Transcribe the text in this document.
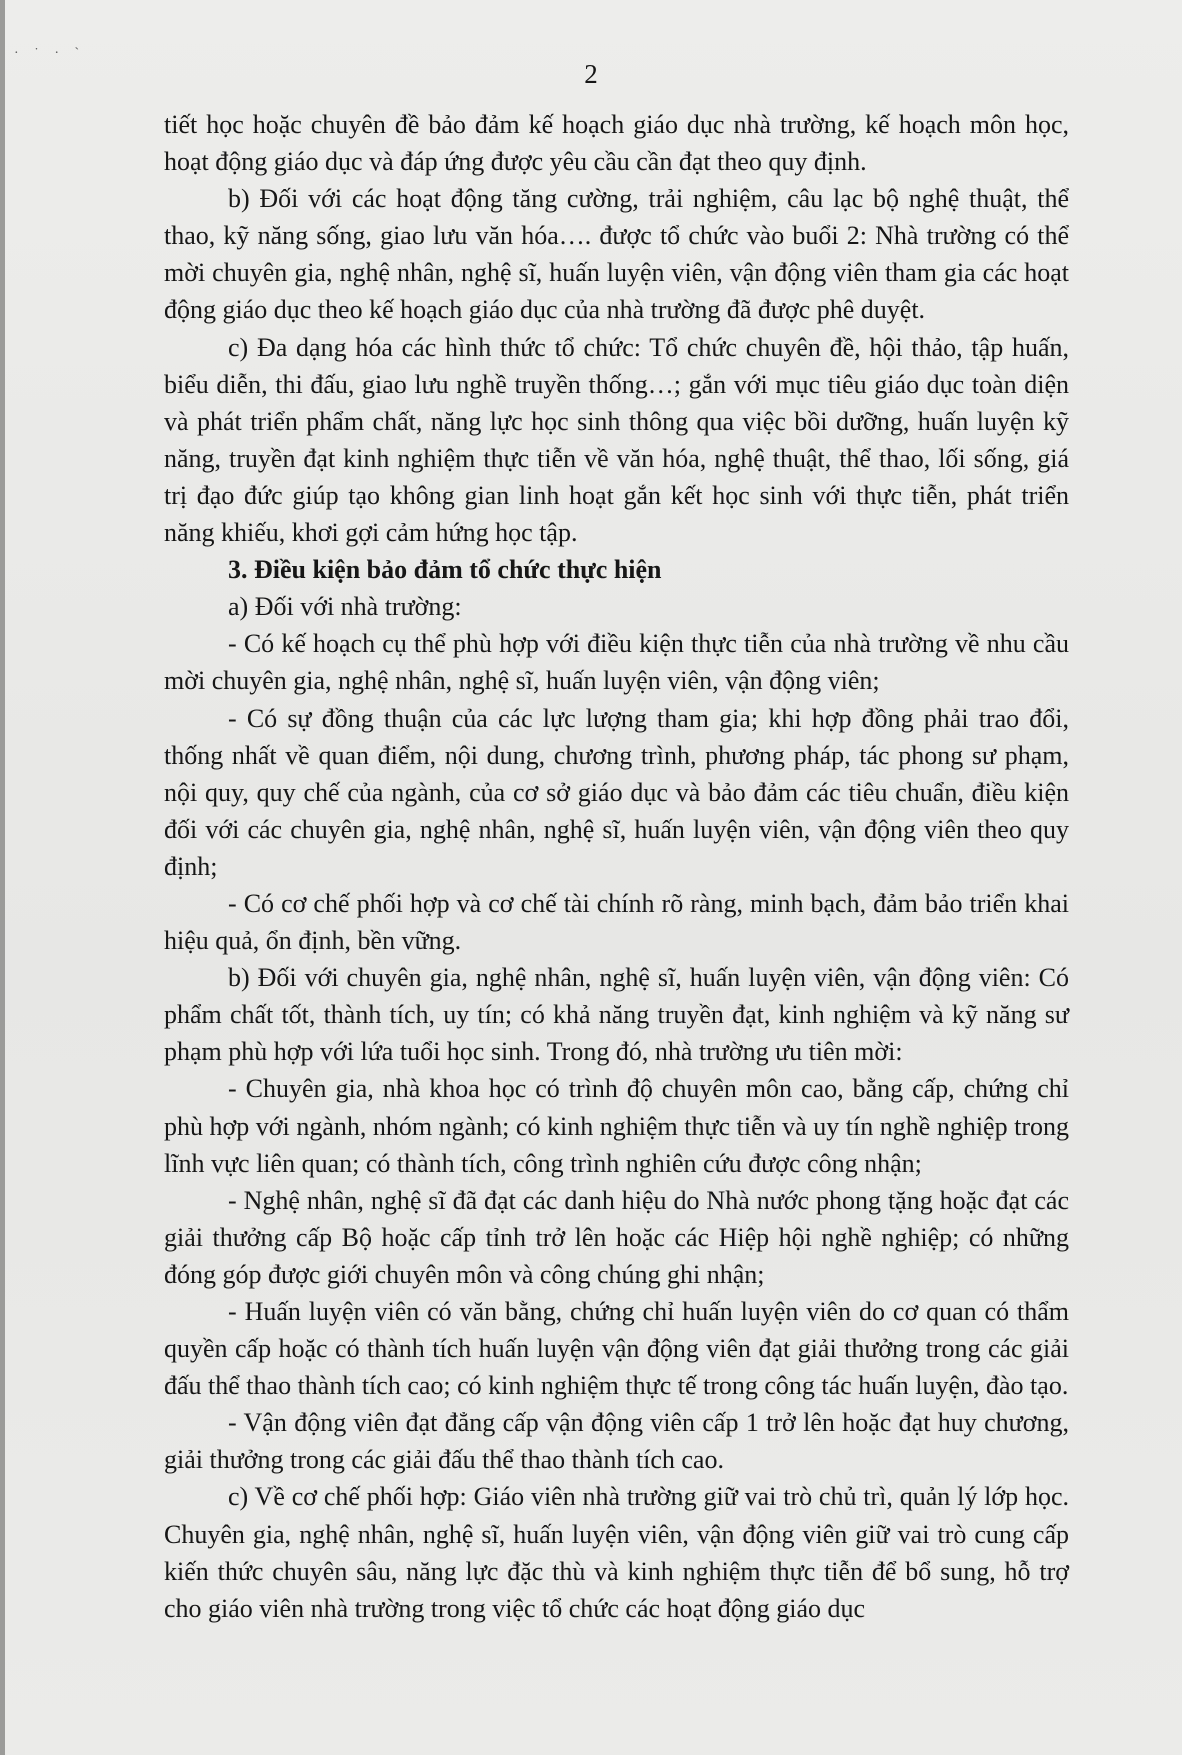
· ˙ · ˋ
2

tiết học hoặc chuyên đề bảo đảm kế hoạch giáo dục nhà trường, kế hoạch môn học, hoạt động giáo dục và đáp ứng được yêu cầu cần đạt theo quy định.

b) Đối với các hoạt động tăng cường, trải nghiệm, câu lạc bộ nghệ thuật, thể thao, kỹ năng sống, giao lưu văn hóa…. được tổ chức vào buổi 2: Nhà trường có thể mời chuyên gia, nghệ nhân, nghệ sĩ, huấn luyện viên, vận động viên tham gia các hoạt động giáo dục theo kế hoạch giáo dục của nhà trường đã được phê duyệt.

c) Đa dạng hóa các hình thức tổ chức: Tổ chức chuyên đề, hội thảo, tập huấn, biểu diễn, thi đấu, giao lưu nghề truyền thống…; gắn với mục tiêu giáo dục toàn diện và phát triển phẩm chất, năng lực học sinh thông qua việc bồi dưỡng, huấn luyện kỹ năng, truyền đạt kinh nghiệm thực tiễn về văn hóa, nghệ thuật, thể thao, lối sống, giá trị đạo đức giúp tạo không gian linh hoạt gắn kết học sinh với thực tiễn, phát triển năng khiếu, khơi gợi cảm hứng học tập.

3. Điều kiện bảo đảm tổ chức thực hiện

a) Đối với nhà trường:

- Có kế hoạch cụ thể phù hợp với điều kiện thực tiễn của nhà trường về nhu cầu mời chuyên gia, nghệ nhân, nghệ sĩ, huấn luyện viên, vận động viên;

- Có sự đồng thuận của các lực lượng tham gia; khi hợp đồng phải trao đổi, thống nhất về quan điểm, nội dung, chương trình, phương pháp, tác phong sư phạm, nội quy, quy chế của ngành, của cơ sở giáo dục và bảo đảm các tiêu chuẩn, điều kiện đối với các chuyên gia, nghệ nhân, nghệ sĩ, huấn luyện viên, vận động viên theo quy định;

- Có cơ chế phối hợp và cơ chế tài chính rõ ràng, minh bạch, đảm bảo triển khai hiệu quả, ổn định, bền vững.

b) Đối với chuyên gia, nghệ nhân, nghệ sĩ, huấn luyện viên, vận động viên: Có phẩm chất tốt, thành tích, uy tín; có khả năng truyền đạt, kinh nghiệm và kỹ năng sư phạm phù hợp với lứa tuổi học sinh. Trong đó, nhà trường ưu tiên mời:

- Chuyên gia, nhà khoa học có trình độ chuyên môn cao, bằng cấp, chứng chỉ phù hợp với ngành, nhóm ngành; có kinh nghiệm thực tiễn và uy tín nghề nghiệp trong lĩnh vực liên quan; có thành tích, công trình nghiên cứu được công nhận;

- Nghệ nhân, nghệ sĩ đã đạt các danh hiệu do Nhà nước phong tặng hoặc đạt các giải thưởng cấp Bộ hoặc cấp tỉnh trở lên hoặc các Hiệp hội nghề nghiệp; có những đóng góp được giới chuyên môn và công chúng ghi nhận;

- Huấn luyện viên có văn bằng, chứng chỉ huấn luyện viên do cơ quan có thẩm quyền cấp hoặc có thành tích huấn luyện vận động viên đạt giải thưởng trong các giải đấu thể thao thành tích cao; có kinh nghiệm thực tế trong công tác huấn luyện, đào tạo.

- Vận động viên đạt đẳng cấp vận động viên cấp 1 trở lên hoặc đạt huy chương, giải thưởng trong các giải đấu thể thao thành tích cao.

c) Về cơ chế phối hợp: Giáo viên nhà trường giữ vai trò chủ trì, quản lý lớp học. Chuyên gia, nghệ nhân, nghệ sĩ, huấn luyện viên, vận động viên giữ vai trò cung cấp kiến thức chuyên sâu, năng lực đặc thù và kinh nghiệm thực tiễn để bổ sung, hỗ trợ cho giáo viên nhà trường trong việc tổ chức các hoạt động giáo dục
